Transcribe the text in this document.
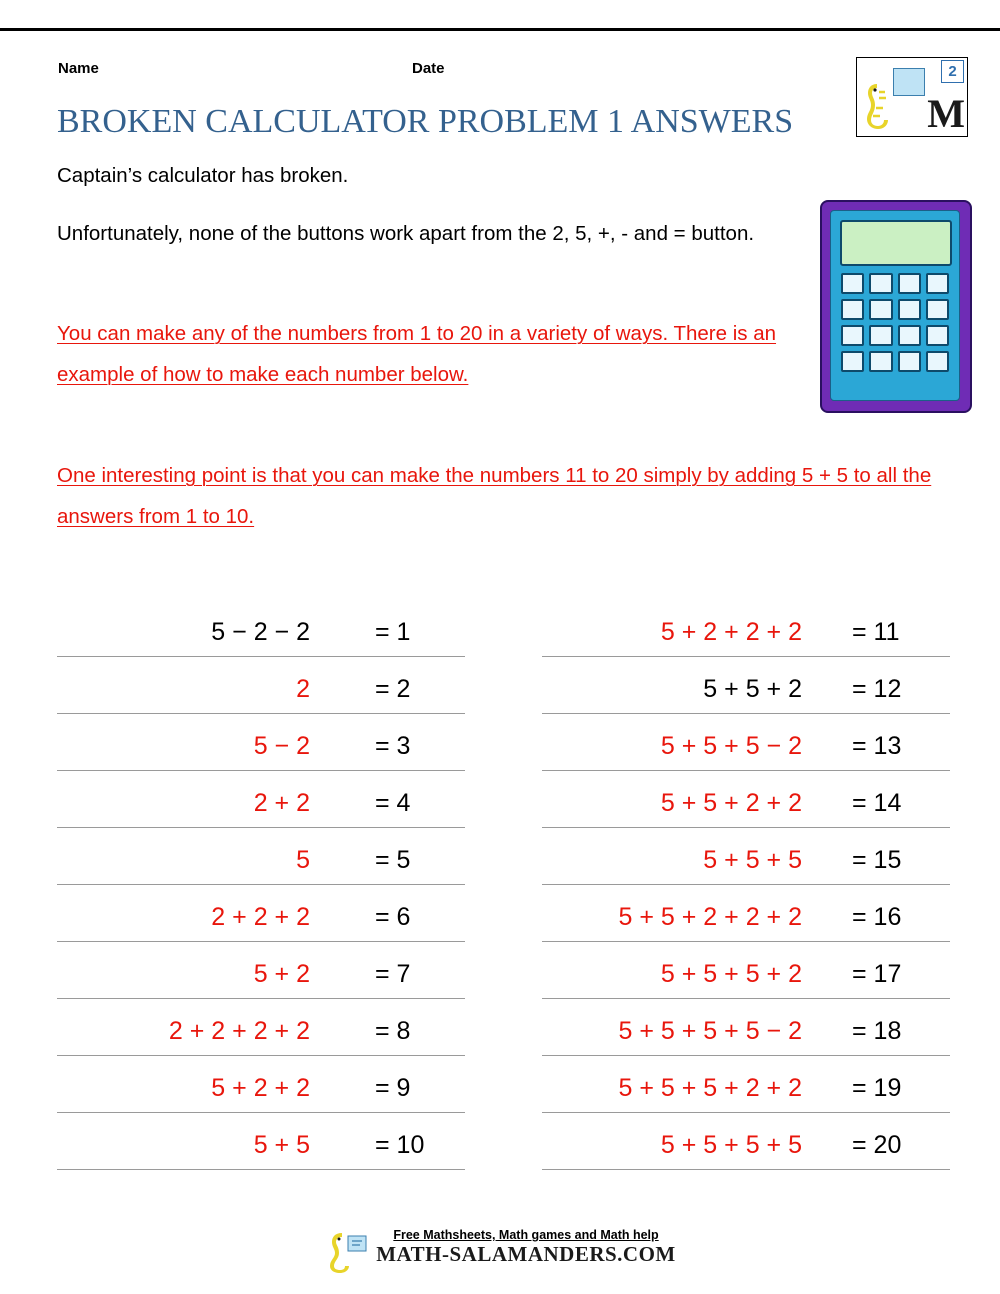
Name	Date	2
M
BROKEN CALCULATOR PROBLEM 1 ANSWERS
Captain’s calculator has broken.
Unfortunately, none of the buttons work apart from the 2, 5, +, - and = button.
You can make any of the numbers from 1 to 20 in a variety of ways. There is an example of how to make each number below.
One interesting point is that you can make the numbers 11 to 20 simply by adding 5 + 5 to all the answers from 1 to 10.
5 − 2 − 2	= 1
2	= 2
5 − 2	= 3
2 + 2	= 4
5	= 5
2 + 2 + 2	= 6
5 + 2	= 7
2 + 2 + 2 + 2	= 8
5 + 2 + 2	= 9
5 + 5	= 10
5 + 2 + 2 + 2 = 11
5 + 5 + 2 = 12
5 + 5 + 5 − 2 = 13
5 + 5 + 2 + 2 = 14
5 + 5 + 5 = 15
5 + 5 + 2 + 2 + 2 = 16
5 + 5 + 5 + 2 = 17
5 + 5 + 5 + 5 − 2 = 18
5 + 5 + 5 + 2 + 2 = 19
5 + 5 + 5 + 5 = 20
Free Mathsheets, Math games and Math help
MATH-SALAMANDERS.COM
